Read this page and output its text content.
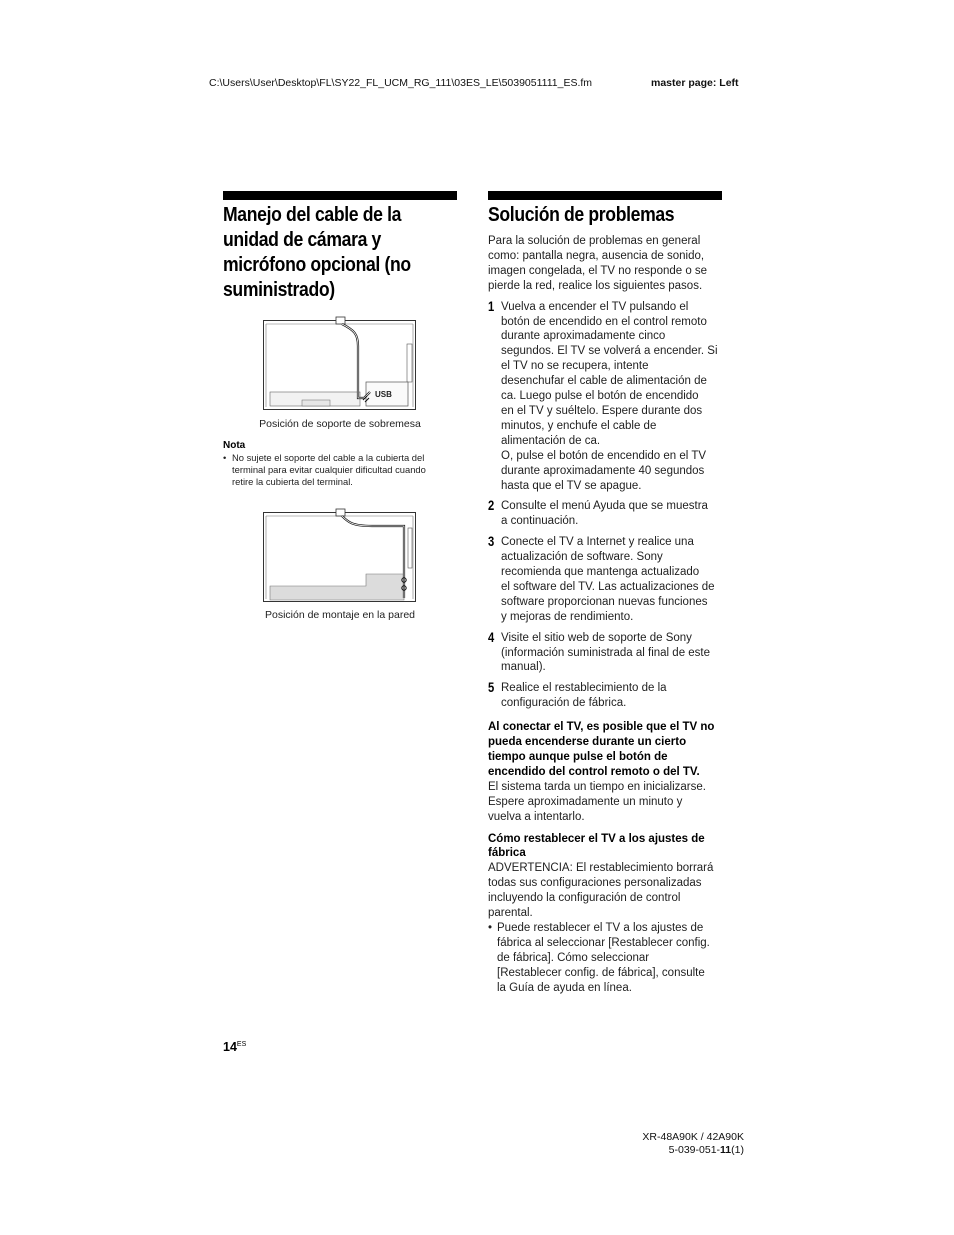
C:\Users\User\Desktop\FL\SY22_FL_UCM_RG_111\03ES_LE\5039051111_ES.fm	master page: Left
Manejo del cable de la
unidad de cámara y
micrófono opcional (no
suministrado)
USB
Posición de soporte de sobremesa
Nota
• No sujete el soporte del cable a la cubierta del
terminal para evitar cualquier dificultad cuando
retire la cubierta del terminal.
Posición de montaje en la pared
Solución de problemas
Para la solución de problemas en general
como: pantalla negra, ausencia de sonido,
imagen congelada, el TV no responde o se
pierde la red, realice los siguientes pasos.
1 Vuelva a encender el TV pulsando el
botón de encendido en el control remoto
durante aproximadamente cinco
segundos. El TV se volverá a encender. Si
el TV no se recupera, intente
desenchufar el cable de alimentación de
ca. Luego pulse el botón de encendido
en el TV y suéltelo. Espere durante dos
minutos, y enchufe el cable de
alimentación de ca.
O, pulse el botón de encendido en el TV
durante aproximadamente 40 segundos
hasta que el TV se apague.
2 Consulte el menú Ayuda que se muestra
a continuación.
3 Conecte el TV a Internet y realice una
actualización de software. Sony
recomienda que mantenga actualizado
el software del TV. Las actualizaciones de
software proporcionan nuevas funciones
y mejoras de rendimiento.
4 Visite el sitio web de soporte de Sony
(información suministrada al final de este
manual).
5 Realice el restablecimiento de la
configuración de fábrica.
Al conectar el TV, es posible que el TV no
pueda encenderse durante un cierto
tiempo aunque pulse el botón de
encendido del control remoto o del TV.
El sistema tarda un tiempo en inicializarse.
Espere aproximadamente un minuto y
vuelva a intentarlo.
Cómo restablecer el TV a los ajustes de
fábrica
ADVERTENCIA: El restablecimiento borrará
todas sus configuraciones personalizadas
incluyendo la configuración de control
parental.
• Puede restablecer el TV a los ajustes de
fábrica al seleccionar [Restablecer config.
de fábrica]. Cómo seleccionar
[Restablecer config. de fábrica], consulte
la Guía de ayuda en línea.
$14^{ES}$
XR-48A90K / 42A90K
5-039-051-11(1)
